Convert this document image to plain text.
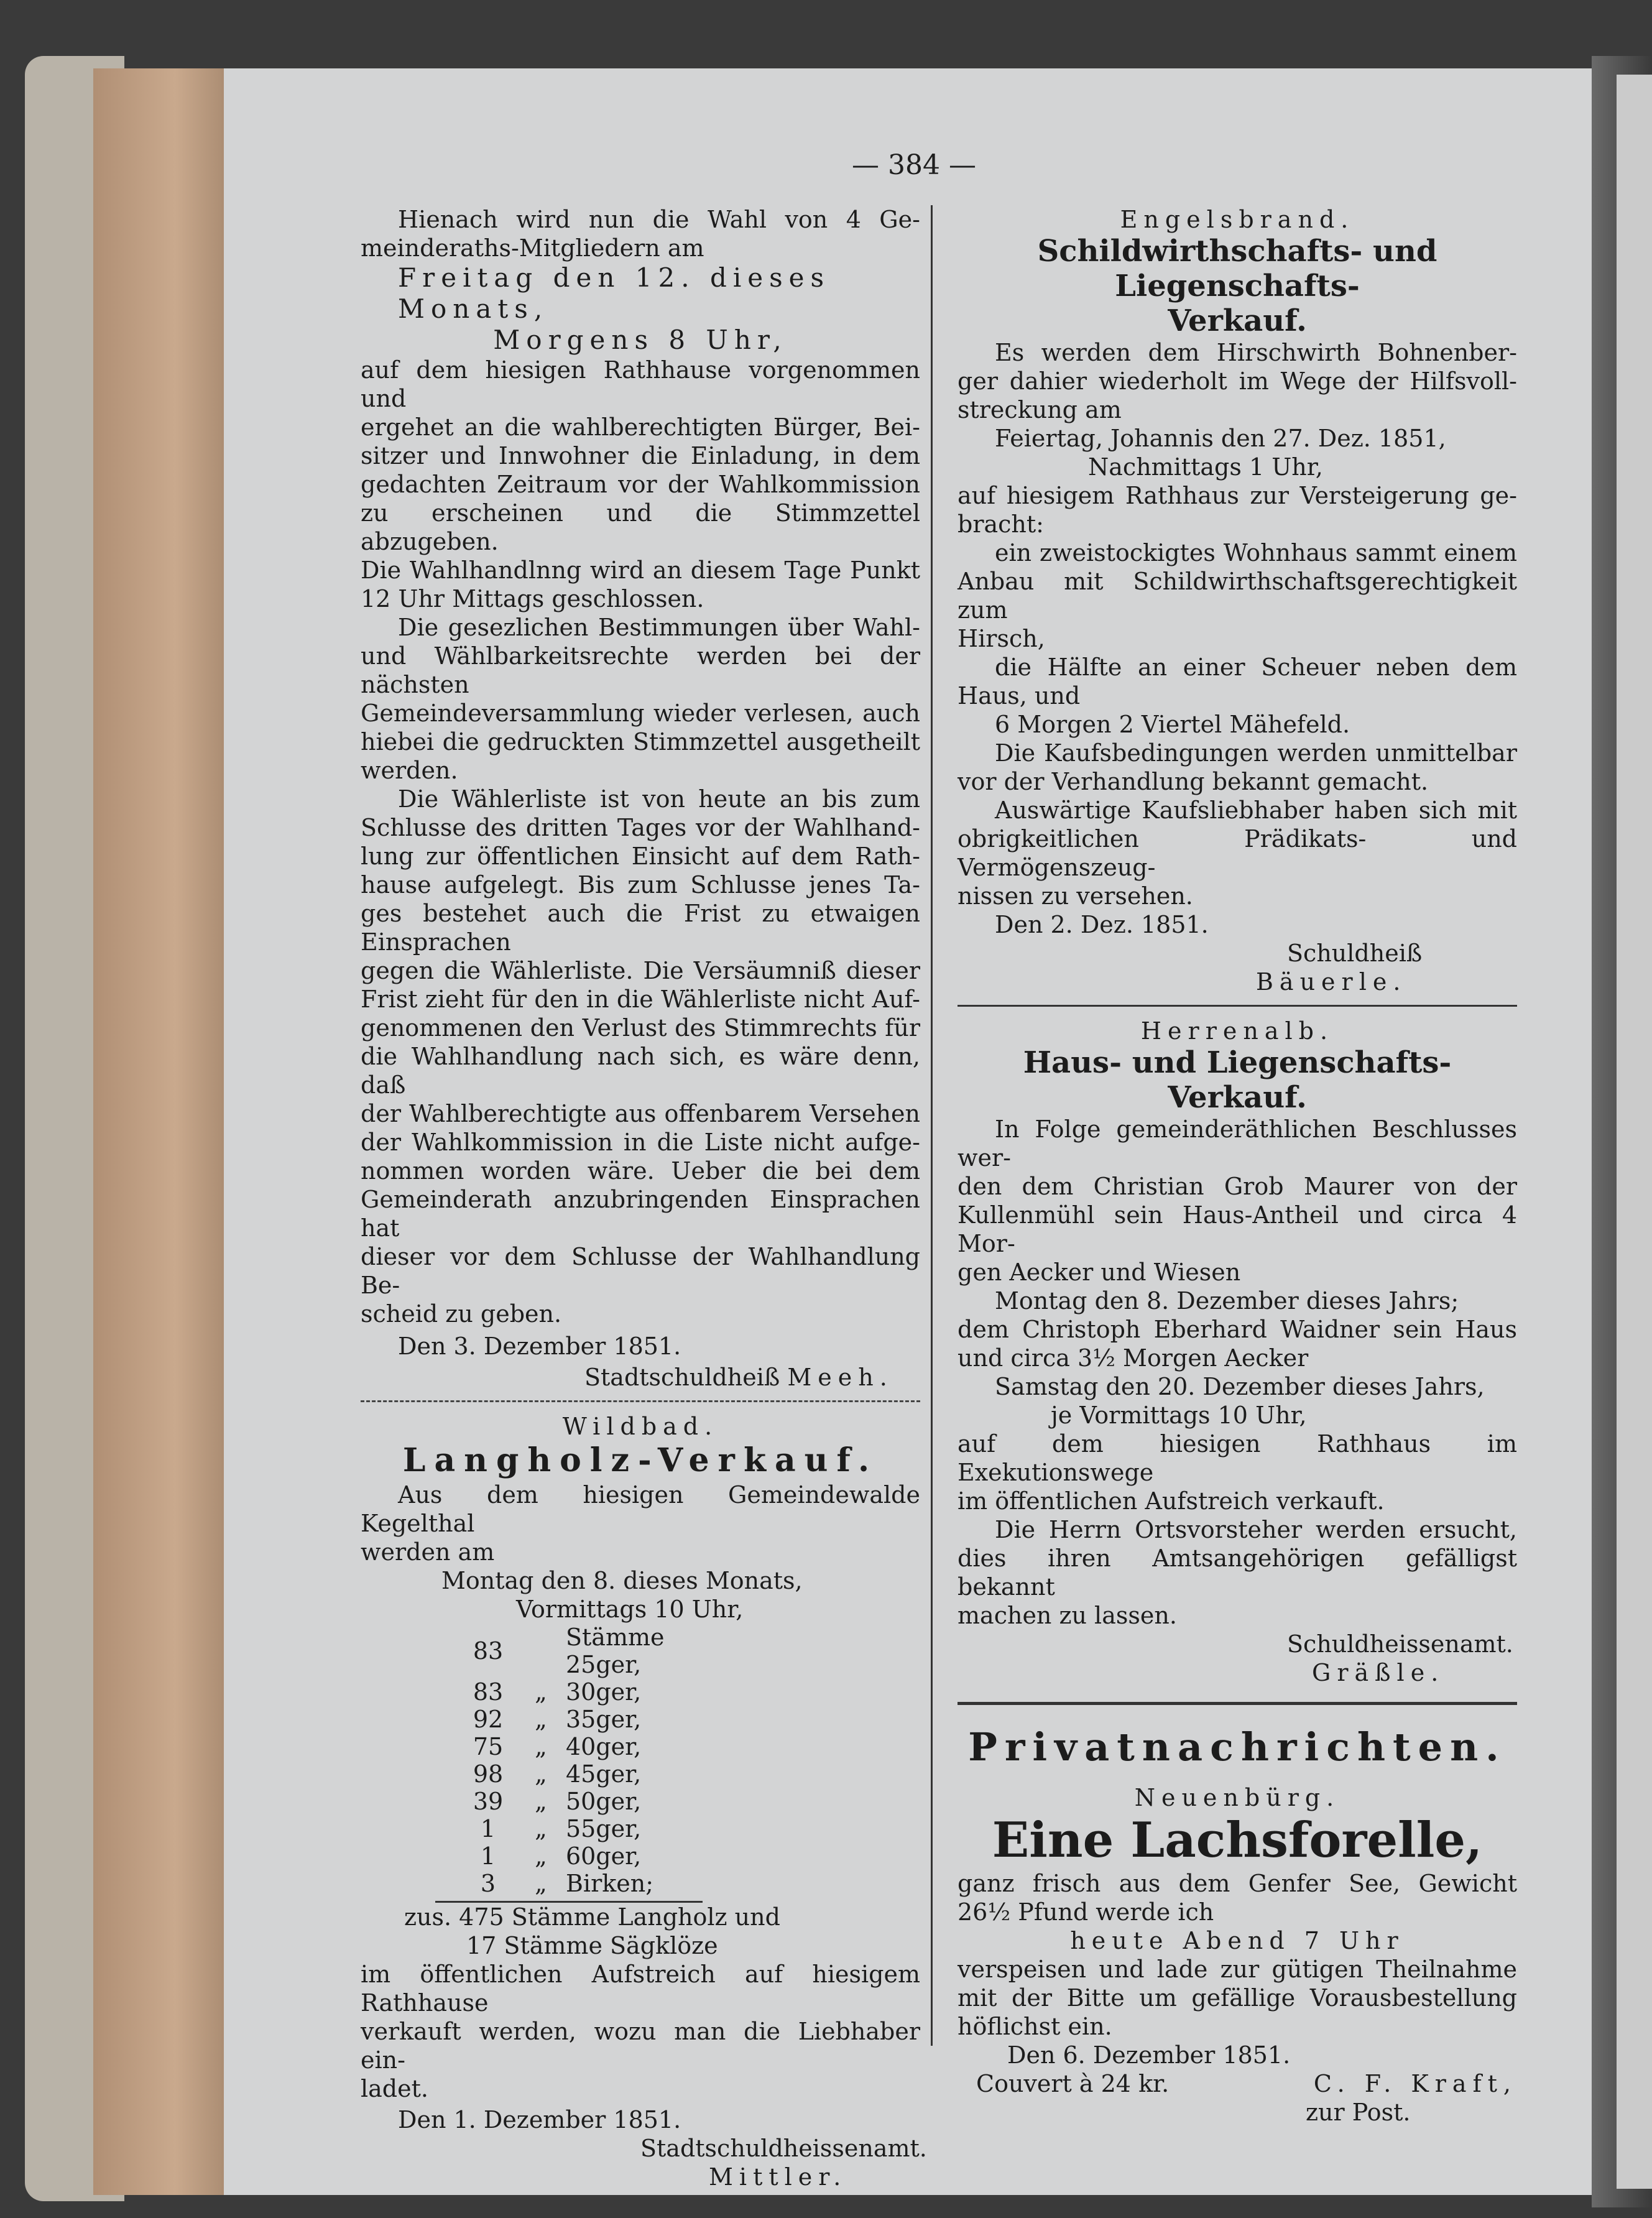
— 384 —

Hienach wird nun die Wahl von 4 Ge-

meinderaths-Mitgliedern am

Freitag den 12. dieses Monats,

Morgens 8 Uhr,

auf dem hiesigen Rathhause vorgenommen und

ergehet an die wahlberechtigten Bürger, Bei-

sitzer und Innwohner die Einladung, in dem

gedachten Zeitraum vor der Wahlkommission

zu erscheinen und die Stimmzettel abzugeben.

Die Wahlhandlnng wird an diesem Tage Punkt

12 Uhr Mittags geschlossen.

Die gesezlichen Bestimmungen über Wahl-

und Wählbarkeitsrechte werden bei der nächsten

Gemeindeversammlung wieder verlesen, auch

hiebei die gedruckten Stimmzettel ausgetheilt

werden.

Die Wählerliste ist von heute an bis zum

Schlusse des dritten Tages vor der Wahlhand-

lung zur öffentlichen Einsicht auf dem Rath-

hause aufgelegt. Bis zum Schlusse jenes Ta-

ges bestehet auch die Frist zu etwaigen Einsprachen

gegen die Wählerliste. Die Versäumniß dieser

Frist zieht für den in die Wählerliste nicht Auf-

genommenen den Verlust des Stimmrechts für

die Wahlhandlung nach sich, es wäre denn, daß

der Wahlberechtigte aus offenbarem Versehen

der Wahlkommission in die Liste nicht aufge-

nommen worden wäre. Ueber die bei dem

Gemeinderath anzubringenden Einsprachen hat

dieser vor dem Schlusse der Wahlhandlung Be-

scheid zu geben.

Den 3. Dezember 1851.

Stadtschuldheiß Meeh.

Wildbad.

Langholz-Verkauf.

Aus dem hiesigen Gemeindewalde Kegelthal

werden am

Montag den 8. dieses Monats,

Vormittags 10 Uhr,

83		Stämme 25ger,
83	„	30ger,
92	„	35ger,
75	„	40ger,
98	„	45ger,
39	„	50ger,
1	„	55ger,
1	„	60ger,
3	„	Birken;

zus. 475 Stämme Langholz und

17 Stämme Sägklöze

im öffentlichen Aufstreich auf hiesigem Rathhause

verkauft werden, wozu man die Liebhaber ein-

ladet.

Den 1. Dezember 1851.

Stadtschuldheissenamt.

Mittler.

Engelsbrand.

Schildwirthschafts- und Liegenschafts-

Verkauf.

Es werden dem Hirschwirth Bohnenber-

ger dahier wiederholt im Wege der Hilfsvoll-

streckung am

Feiertag, Johannis den 27. Dez. 1851,

Nachmittags 1 Uhr,

auf hiesigem Rathhaus zur Versteigerung ge-

bracht:

ein zweistockigtes Wohnhaus sammt einem

Anbau mit Schildwirthschaftsgerechtigkeit zum

Hirsch,

die Hälfte an einer Scheuer neben dem

Haus, und

6 Morgen 2 Viertel Mähefeld.

Die Kaufsbedingungen werden unmittelbar

vor der Verhandlung bekannt gemacht.

Auswärtige Kaufsliebhaber haben sich mit

obrigkeitlichen Prädikats- und Vermögenszeug-

nissen zu versehen.

Den 2. Dez. 1851.

Schuldheiß

Bäuerle.

Herrenalb.

Haus- und Liegenschafts-Verkauf.

In Folge gemeinderäthlichen Beschlusses wer-

den dem Christian Grob Maurer von der

Kullenmühl sein Haus-Antheil und circa 4 Mor-

gen Aecker und Wiesen

Montag den 8. Dezember dieses Jahrs;

dem Christoph Eberhard Waidner sein Haus

und circa 3½ Morgen Aecker

Samstag den 20. Dezember dieses Jahrs,

je Vormittags 10 Uhr,

auf dem hiesigen Rathhaus im Exekutionswege

im öffentlichen Aufstreich verkauft.

Die Herrn Ortsvorsteher werden ersucht,

dies ihren Amtsangehörigen gefälligst bekannt

machen zu lassen.

Schuldheissenamt.

Gräßle.

Privatnachrichten.

Neuenbürg.

Eine Lachsforelle,

ganz frisch aus dem Genfer See, Gewicht

26½ Pfund werde ich

heute Abend 7 Uhr

verspeisen und lade zur gütigen Theilnahme

mit der Bitte um gefällige Vorausbestellung

höflichst ein.

Den 6. Dezember 1851.

Couvert à 24 kr.	C. F. Kraft,

zur Post.
